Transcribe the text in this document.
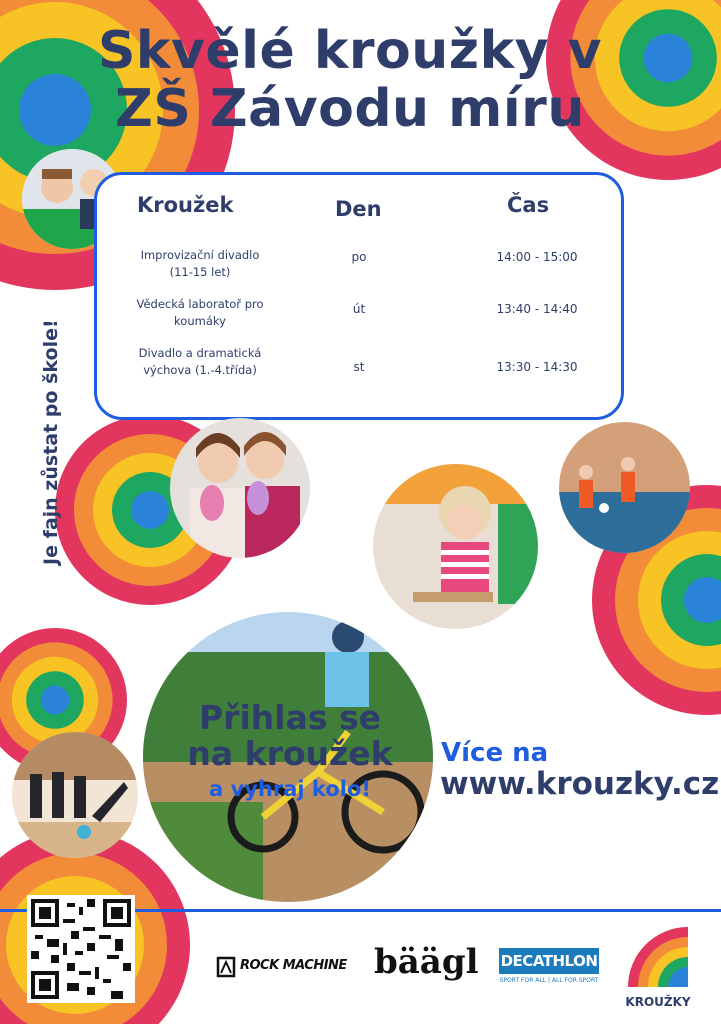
Skvělé kroužky v
ZŠ Závodu míru
Kroužek	Den	Čas
Improvizační divadlo
(11-15 let)
po	14:00 - 15:00
Vědecká laboratoř pro
koumáky
út	13:40 - 14:40
Divadlo a dramatická
výchova (1.-4.třída)	st	13:30 - 14:30
Je fajn zůstat po škole!
Přihlas se
na kroužek
a vyhraj kolo!
Více na
www.krouzky.cz
ROCK MACHINE bäägl DECATHLON
SPORT FOR ALL | ALL FOR SPORT
KROUŽKY
